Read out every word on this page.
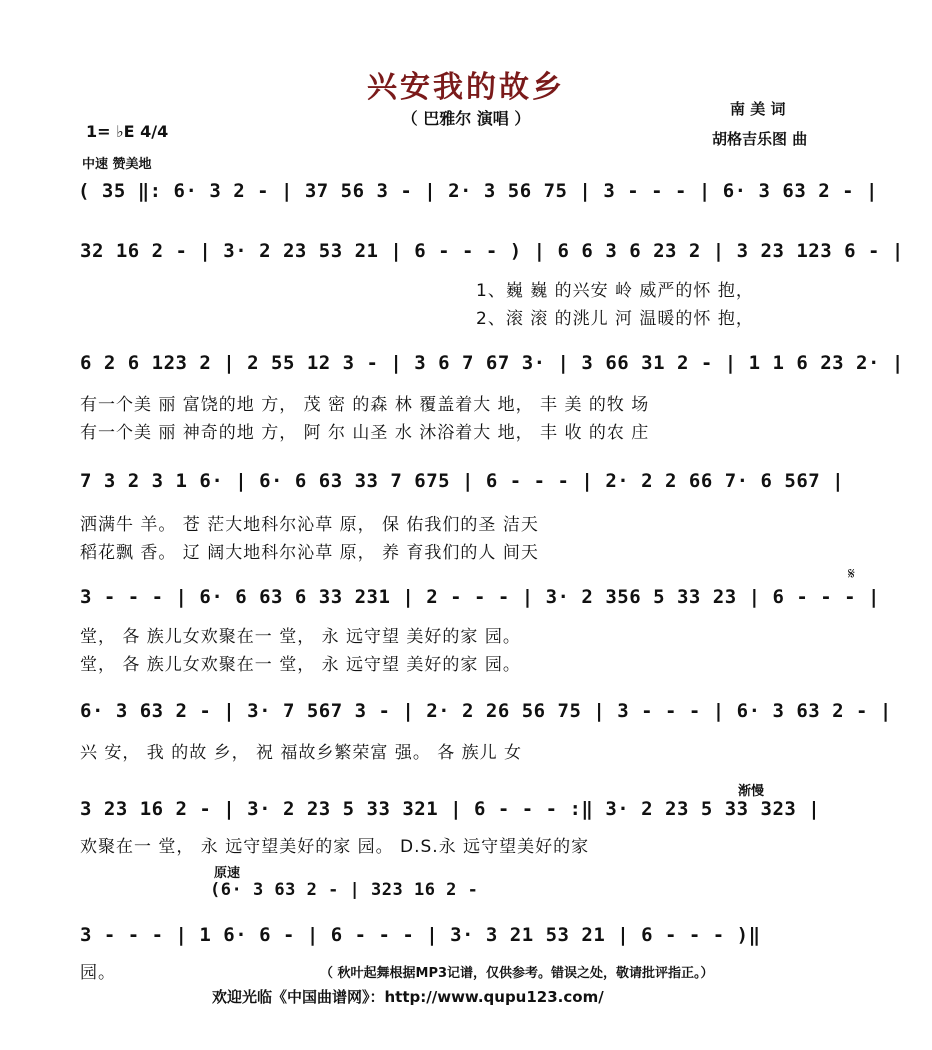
兴安我的故乡
（ 巴雅尔 演唱 ）	南 美 词
胡格吉乐图 曲
1= ♭E 4/4
中速 赞美地
( 35 ‖: 6· 3 2 - | 37 56 3 - | 2· 3 56 75 | 3 - - - | 6· 3 63 2 - |
32 16 2 - | 3· 2 23 53 21 | 6 - - - ) | 6 6 3 6 23 2 | 3 23 123 6 - |
1、巍 巍 的兴安 岭 威严的怀 抱，
2、滚 滚 的洮儿 河 温暖的怀 抱，
6 2 6 123 2 | 2 55 12 3 - | 3 6 7 67 3· | 3 66 31 2 - | 1 1 6 23 2· |
有一个美 丽 富饶的地 方， 茂 密 的森 林 覆盖着大 地， 丰 美 的牧 场
有一个美 丽 神奇的地 方， 阿 尔 山圣 水 沐浴着大 地， 丰 收 的农 庄
7 3 2 3 1 6· | 6· 6 63 33 7 675 | 6 - - - | 2· 2 2 66 7· 6 567 |
洒满牛 羊。 苍 茫大地科尔沁草 原， 保 佑我们的圣 洁天
稻花飘 香。 辽 阔大地科尔沁草 原， 养 育我们的人 间天
3 - - - | 6· 6 63 6 33 231 | 2 - - - | 3· 2 356 5 33 23 | 6 - - - |
𝄋
堂， 各 族儿女欢聚在一 堂， 永 远守望 美好的家 园。
堂， 各 族儿女欢聚在一 堂， 永 远守望 美好的家 园。
6· 3 63 2 - | 3· 7 567 3 - | 2· 2 26 56 75 | 3 - - - | 6· 3 63 2 - |
兴 安， 我 的故 乡， 祝 福故乡繁荣富 强。 各 族儿 女
渐慢
3 23 16 2 - | 3· 2 23 5 33 321 | 6 - - - :‖ 3· 2 23 5 33 323 |
欢聚在一 堂， 永 远守望美好的家 园。 D.S.永 远守望美好的家
原速
(6· 3 63 2 - | 323 16 2 -
3 - - - | 1 6· 6 - | 6 - - - | 3· 3 21 53 21 | 6 - - - )‖
园。	（ 秋叶起舞根据MP3记谱，仅供参考。错误之处，敬请批评指正。）
欢迎光临《中国曲谱网》：http://www.qupu123.com/
